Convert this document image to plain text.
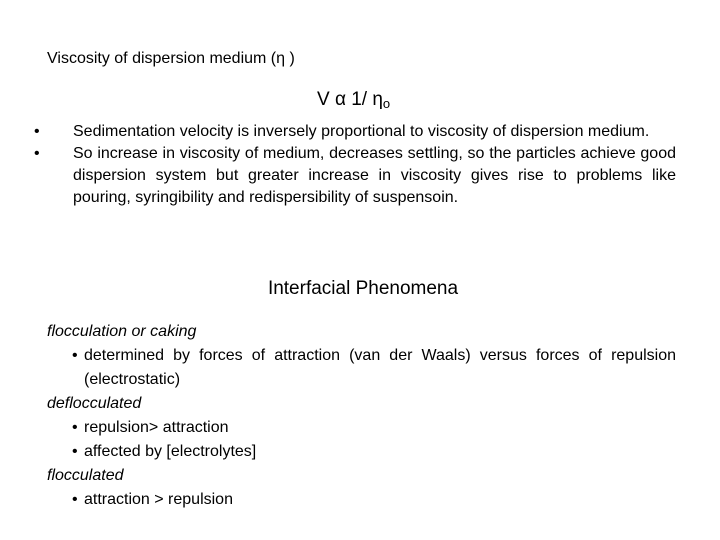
Viscosity of dispersion medium (η )
V α 1/ $\eta_o$
•	Sedimentation velocity is inversely proportional to viscosity of dispersion medium.
•	So increase in viscosity of medium, decreases settling, so the particles achieve good dispersion system but greater increase in viscosity gives rise to problems like pouring, syringibility and redispersibility of suspensoin.
Interfacial Phenomena
flocculation or caking
• determined by forces of attraction (van der Waals) versus forces of repulsion (electrostatic)
deflocculated
• repulsion> attraction
• affected by [electrolytes]
flocculated
• attraction > repulsion
